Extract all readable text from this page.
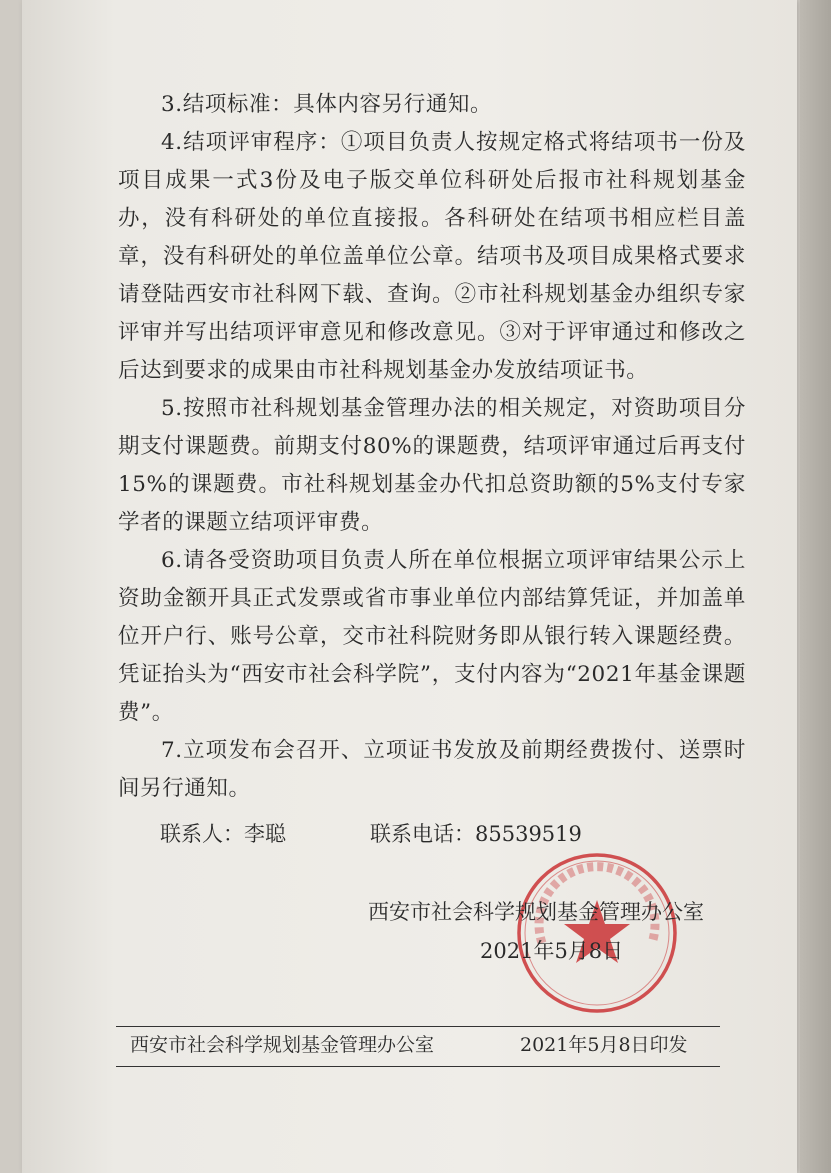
3.结项标准：具体内容另行通知。

4.结项评审程序：①项目负责人按规定格式将结项书一份及项目成果一式3份及电子版交单位科研处后报市社科规划基金办，没有科研处的单位直接报。各科研处在结项书相应栏目盖章，没有科研处的单位盖单位公章。结项书及项目成果格式要求请登陆西安市社科网下载、查询。②市社科规划基金办组织专家评审并写出结项评审意见和修改意见。③对于评审通过和修改之后达到要求的成果由市社科规划基金办发放结项证书。

5.按照市社科规划基金管理办法的相关规定，对资助项目分期支付课题费。前期支付80%的课题费，结项评审通过后再支付15%的课题费。市社科规划基金办代扣总资助额的5%支付专家学者的课题立结项评审费。

6.请各受资助项目负责人所在单位根据立项评审结果公示上资助金额开具正式发票或省市事业单位内部结算凭证，并加盖单位开户行、账号公章，交市社科院财务即从银行转入课题经费。凭证抬头为“西安市社会科学院”，支付内容为“2021年基金课题费”。

7.立项发布会召开、立项证书发放及前期经费拨付、送票时间另行通知。

联系人：李聪	联系电话：85539519

西安市社会科学规划基金管理办公室
2021年5月8日
西安市社会科学规划基金管理办公室	2021年5月8日印发
